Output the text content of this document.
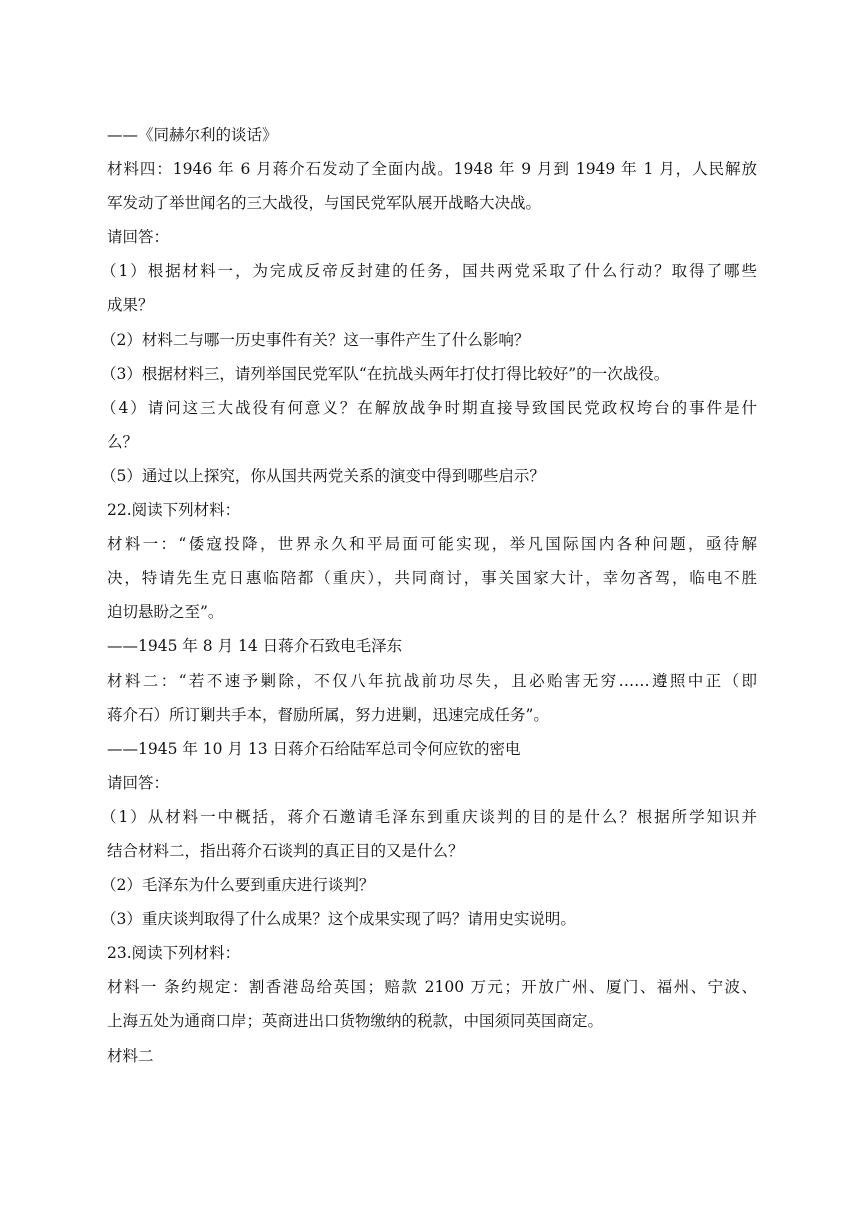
——《同赫尔利的谈话》
材料四：1946 年 6 月蒋介石发动了全面内战。1948 年 9 月到 1949 年 1 月，人民解放
军发动了举世闻名的三大战役，与国民党军队展开战略大决战。
请回答：
（1）根据材料一，为完成反帝反封建的任务，国共两党采取了什么行动？取得了哪些
成果？
（2）材料二与哪一历史事件有关？这一事件产生了什么影响？
（3）根据材料三，请列举国民党军队“在抗战头两年打仗打得比较好”的一次战役。
（4）请问这三大战役有何意义？在解放战争时期直接导致国民党政权垮台的事件是什
么？
（5）通过以上探究，你从国共两党关系的演变中得到哪些启示？
22.阅读下列材料：
材料一：“倭寇投降，世界永久和平局面可能实现，举凡国际国内各种问题，亟待解
决，特请先生克日惠临陪都（重庆），共同商讨，事关国家大计，幸勿吝驾，临电不胜
迫切悬盼之至”。
——1945 年 8 月 14 日蒋介石致电毛泽东
材料二：“若不速予剿除，不仅八年抗战前功尽失，且必贻害无穷……遵照中正（即
蒋介石）所订剿共手本，督励所属，努力进剿，迅速完成任务”。
——1945 年 10 月 13 日蒋介石给陆军总司令何应钦的密电
请回答：
（1）从材料一中概括，蒋介石邀请毛泽东到重庆谈判的目的是什么？根据所学知识并
结合材料二，指出蒋介石谈判的真正目的又是什么？
（2）毛泽东为什么要到重庆进行谈判？
（3）重庆谈判取得了什么成果？这个成果实现了吗？请用史实说明。
23.阅读下列材料：
材料一 条约规定：割香港岛给英国；赔款 2100 万元；开放广州、厦门、福州、宁波、
上海五处为通商口岸；英商进出口货物缴纳的税款，中国须同英国商定。
材料二
